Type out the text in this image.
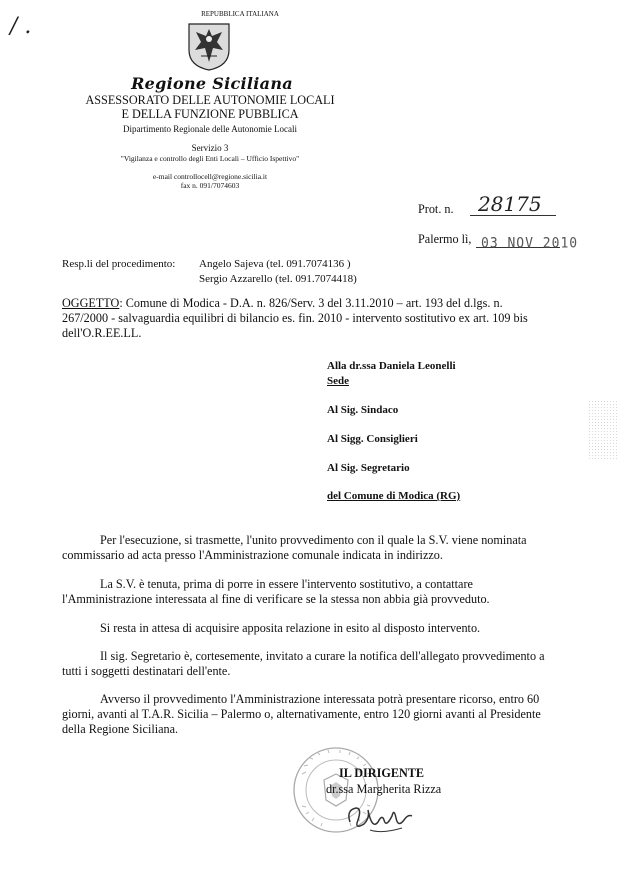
/ .	REPUBBLICA ITALIANA
Regione Siciliana
ASSESSORATO DELLE AUTONOMIE LOCALI
E DELLA FUNZIONE PUBBLICA
Dipartimento Regionale delle Autonomie Locali
Servizio 3
"Vigilanza e controllo degli Enti Locali – Ufficio Ispettivo"
e-mail controllocell@regione.sicilia.it
fax n. 091/7074603
Prot. n. 28175
Palermo lì, 03 NOV 2010
Resp.li del procedimento: Angelo Sajeva (tel. 091.7074136 )
Sergio Azzarello (tel. 091.7074418)
OGGETTO: Comune di Modica - D.A. n. 826/Serv. 3 del 3.11.2010 – art. 193 del d.lgs. n.
267/2000 - salvaguardia equilibri di bilancio es. fin. 2010 - intervento sostitutivo ex art. 109 bis
dell'O.R.EE.LL.
Alla dr.ssa Daniela Leonelli
Sede
Al Sig. Sindaco
Al Sigg. Consiglieri
Al Sig. Segretario
del Comune di Modica (RG)
Per l'esecuzione, si trasmette, l'unito provvedimento con il quale la S.V. viene nominata
commissario ad acta presso l'Amministrazione comunale indicata in indirizzo.
La S.V. è tenuta, prima di porre in essere l'intervento sostitutivo, a contattare
l'Amministrazione interessata al fine di verificare se la stessa non abbia già provveduto.
Si resta in attesa di acquisire apposita relazione in esito al disposto intervento.
Il sig. Segretario è, cortesemente, invitato a curare la notifica dell'allegato provvedimento a
tutti i soggetti destinatari dell'ente.
Avverso il provvedimento l'Amministrazione interessata potrà presentare ricorso, entro 60
giorni, avanti al T.A.R. Sicilia – Palermo o, alternativamente, entro 120 giorni avanti al Presidente
della Regione Siciliana.
IL DIRIGENTE
dr.ssa Margherita Rizza
